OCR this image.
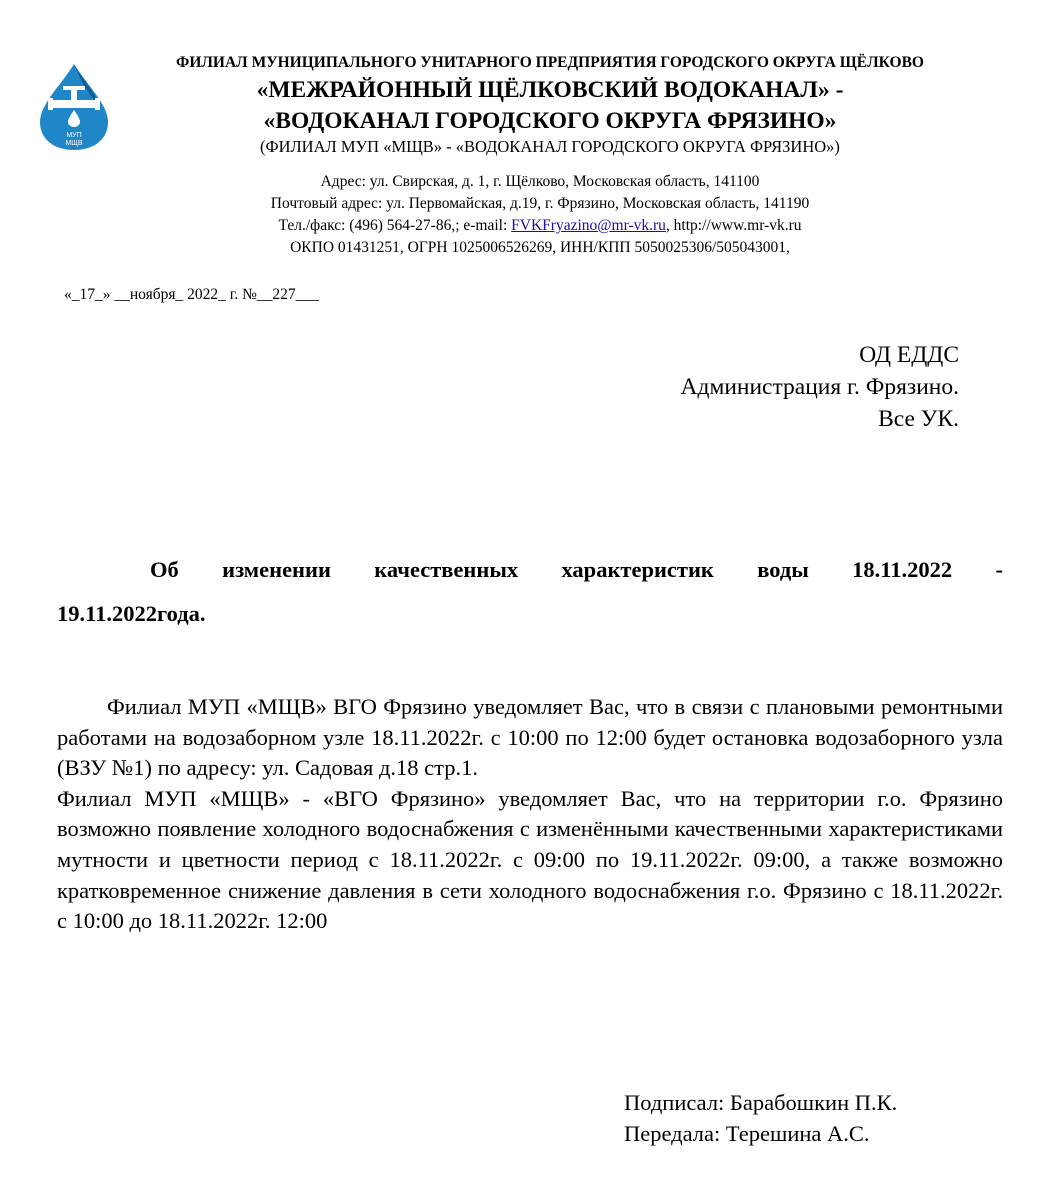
МУП
МЩВ
ФИЛИАЛ МУНИЦИПАЛЬНОГО УНИТАРНОГО ПРЕДПРИЯТИЯ ГОРОДСКОГО ОКРУГА ЩЁЛКОВО
«МЕЖРАЙОННЫЙ ЩЁЛКОВСКИЙ ВОДОКАНАЛ» -
«ВОДОКАНАЛ ГОРОДСКОГО ОКРУГА ФРЯЗИНО»
(ФИЛИАЛ МУП «МЩВ» - «ВОДОКАНАЛ ГОРОДСКОГО ОКРУГА ФРЯЗИНО»)
Адрес: ул. Свирская, д. 1, г. Щёлково, Московская область, 141100
Почтовый адрес: ул. Первомайская, д.19, г. Фрязино, Московская область, 141190
Тел./факс: (496) 564-27-86,; e-mail: FVKFryazino@mr-vk.ru, http://www.mr-vk.ru
ОКПО 01431251, ОГРН 1025006526269, ИНН/КПП 5050025306/505043001,
«_17_» __ноября_ 2022_ г. №__227___
ОД ЕДДС
Администрация г. Фрязино.
Все УК.
Об изменении качественных характеристик воды 18.11.2022 -
19.11.2022года.

Филиал МУП «МЩВ» ВГО Фрязино уведомляет Вас, что в связи с плановыми ремонтными работами на водозаборном узле 18.11.2022г. с 10:00 по 12:00 будет остановка водозаборного узла (ВЗУ №1) по адресу: ул. Садовая д.18 стр.1.

Филиал МУП «МЩВ» - «ВГО Фрязино» уведомляет Вас, что на территории г.о. Фрязино возможно появление холодного водоснабжения с изменёнными качественными характеристиками мутности и цветности период с 18.11.2022г. с 09:00 по 19.11.2022г. 09:00, а также возможно кратковременное снижение давления в сети холодного водоснабжения г.о. Фрязино с 18.11.2022г. с 10:00 до 18.11.2022г. 12:00

Подписал: Барабошкин П.К.
Передала: Терешина А.С.
